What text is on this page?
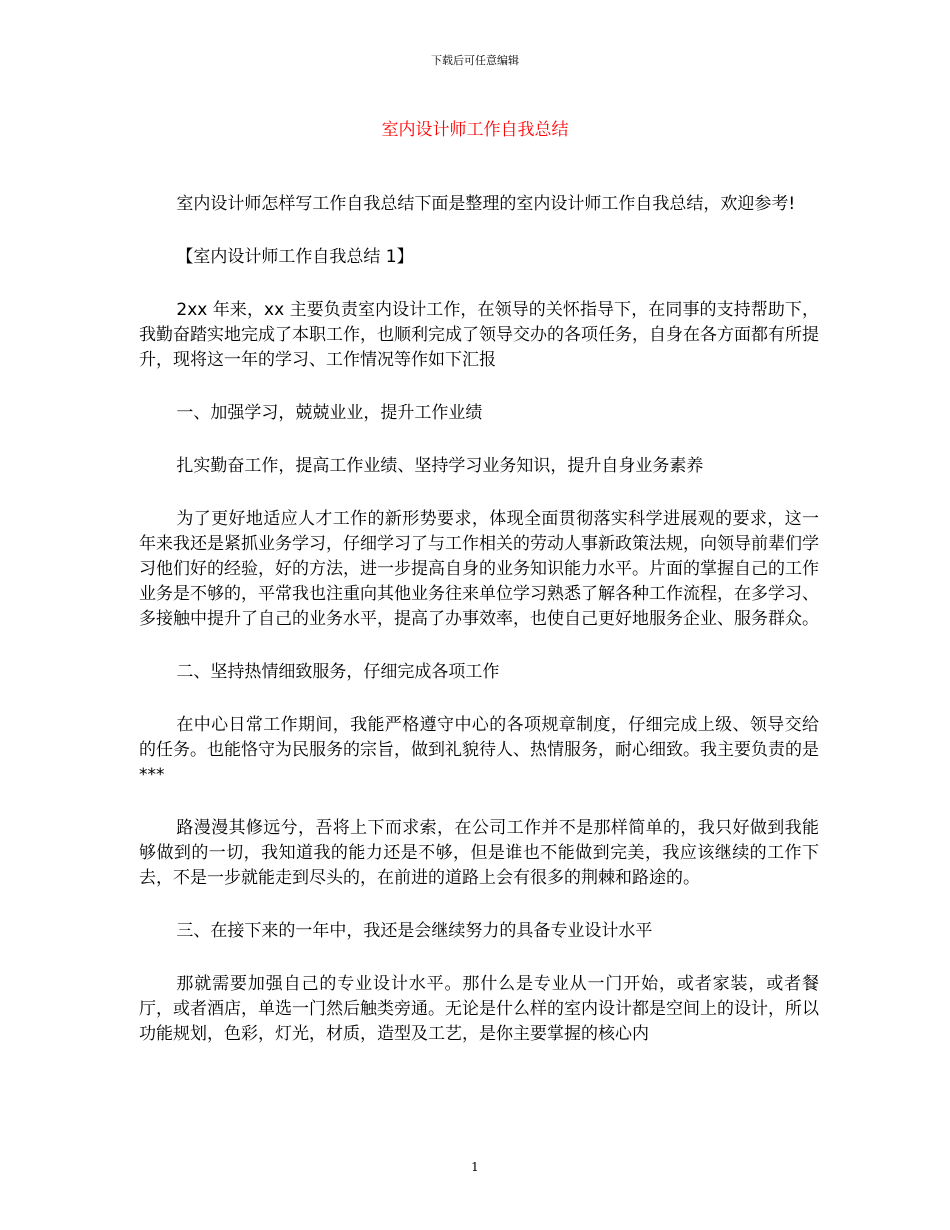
下载后可任意编辑
室内设计师工作自我总结

室内设计师怎样写工作自我总结下面是整理的室内设计师工作自我总结，欢迎参考!

【室内设计师工作自我总结 1】

2xx 年来，xx 主要负责室内设计工作，在领导的关怀指导下，在同事的支持帮助下，我勤奋踏实地完成了本职工作，也顺利完成了领导交办的各项任务，自身在各方面都有所提升，现将这一年的学习、工作情况等作如下汇报

一、加强学习，兢兢业业，提升工作业绩

扎实勤奋工作，提高工作业绩、坚持学习业务知识，提升自身业务素养

为了更好地适应人才工作的新形势要求，体现全面贯彻落实科学进展观的要求，这一年来我还是紧抓业务学习，仔细学习了与工作相关的劳动人事新政策法规，向领导前辈们学习他们好的经验，好的方法，进一步提高自身的业务知识能力水平。片面的掌握自己的工作业务是不够的，平常我也注重向其他业务往来单位学习熟悉了解各种工作流程，在多学习、多接触中提升了自己的业务水平，提高了办事效率，也使自己更好地服务企业、服务群众。

二、坚持热情细致服务，仔细完成各项工作

在中心日常工作期间，我能严格遵守中心的各项规章制度，仔细完成上级、领导交给的任务。也能恪守为民服务的宗旨，做到礼貌待人、热情服务，耐心细致。我主要负责的是***

路漫漫其修远兮，吾将上下而求索，在公司工作并不是那样简单的，我只好做到我能够做到的一切，我知道我的能力还是不够，但是谁也不能做到完美，我应该继续的工作下去，不是一步就能走到尽头的，在前进的道路上会有很多的荆棘和路途的。

三、在接下来的一年中，我还是会继续努力的具备专业设计水平

那就需要加强自己的专业设计水平。那什么是专业从一门开始，或者家装，或者餐厅，或者酒店，单选一门然后触类旁通。无论是什么样的室内设计都是空间上的设计，所以功能规划，色彩，灯光，材质，造型及工艺，是你主要掌握的核心内

1
